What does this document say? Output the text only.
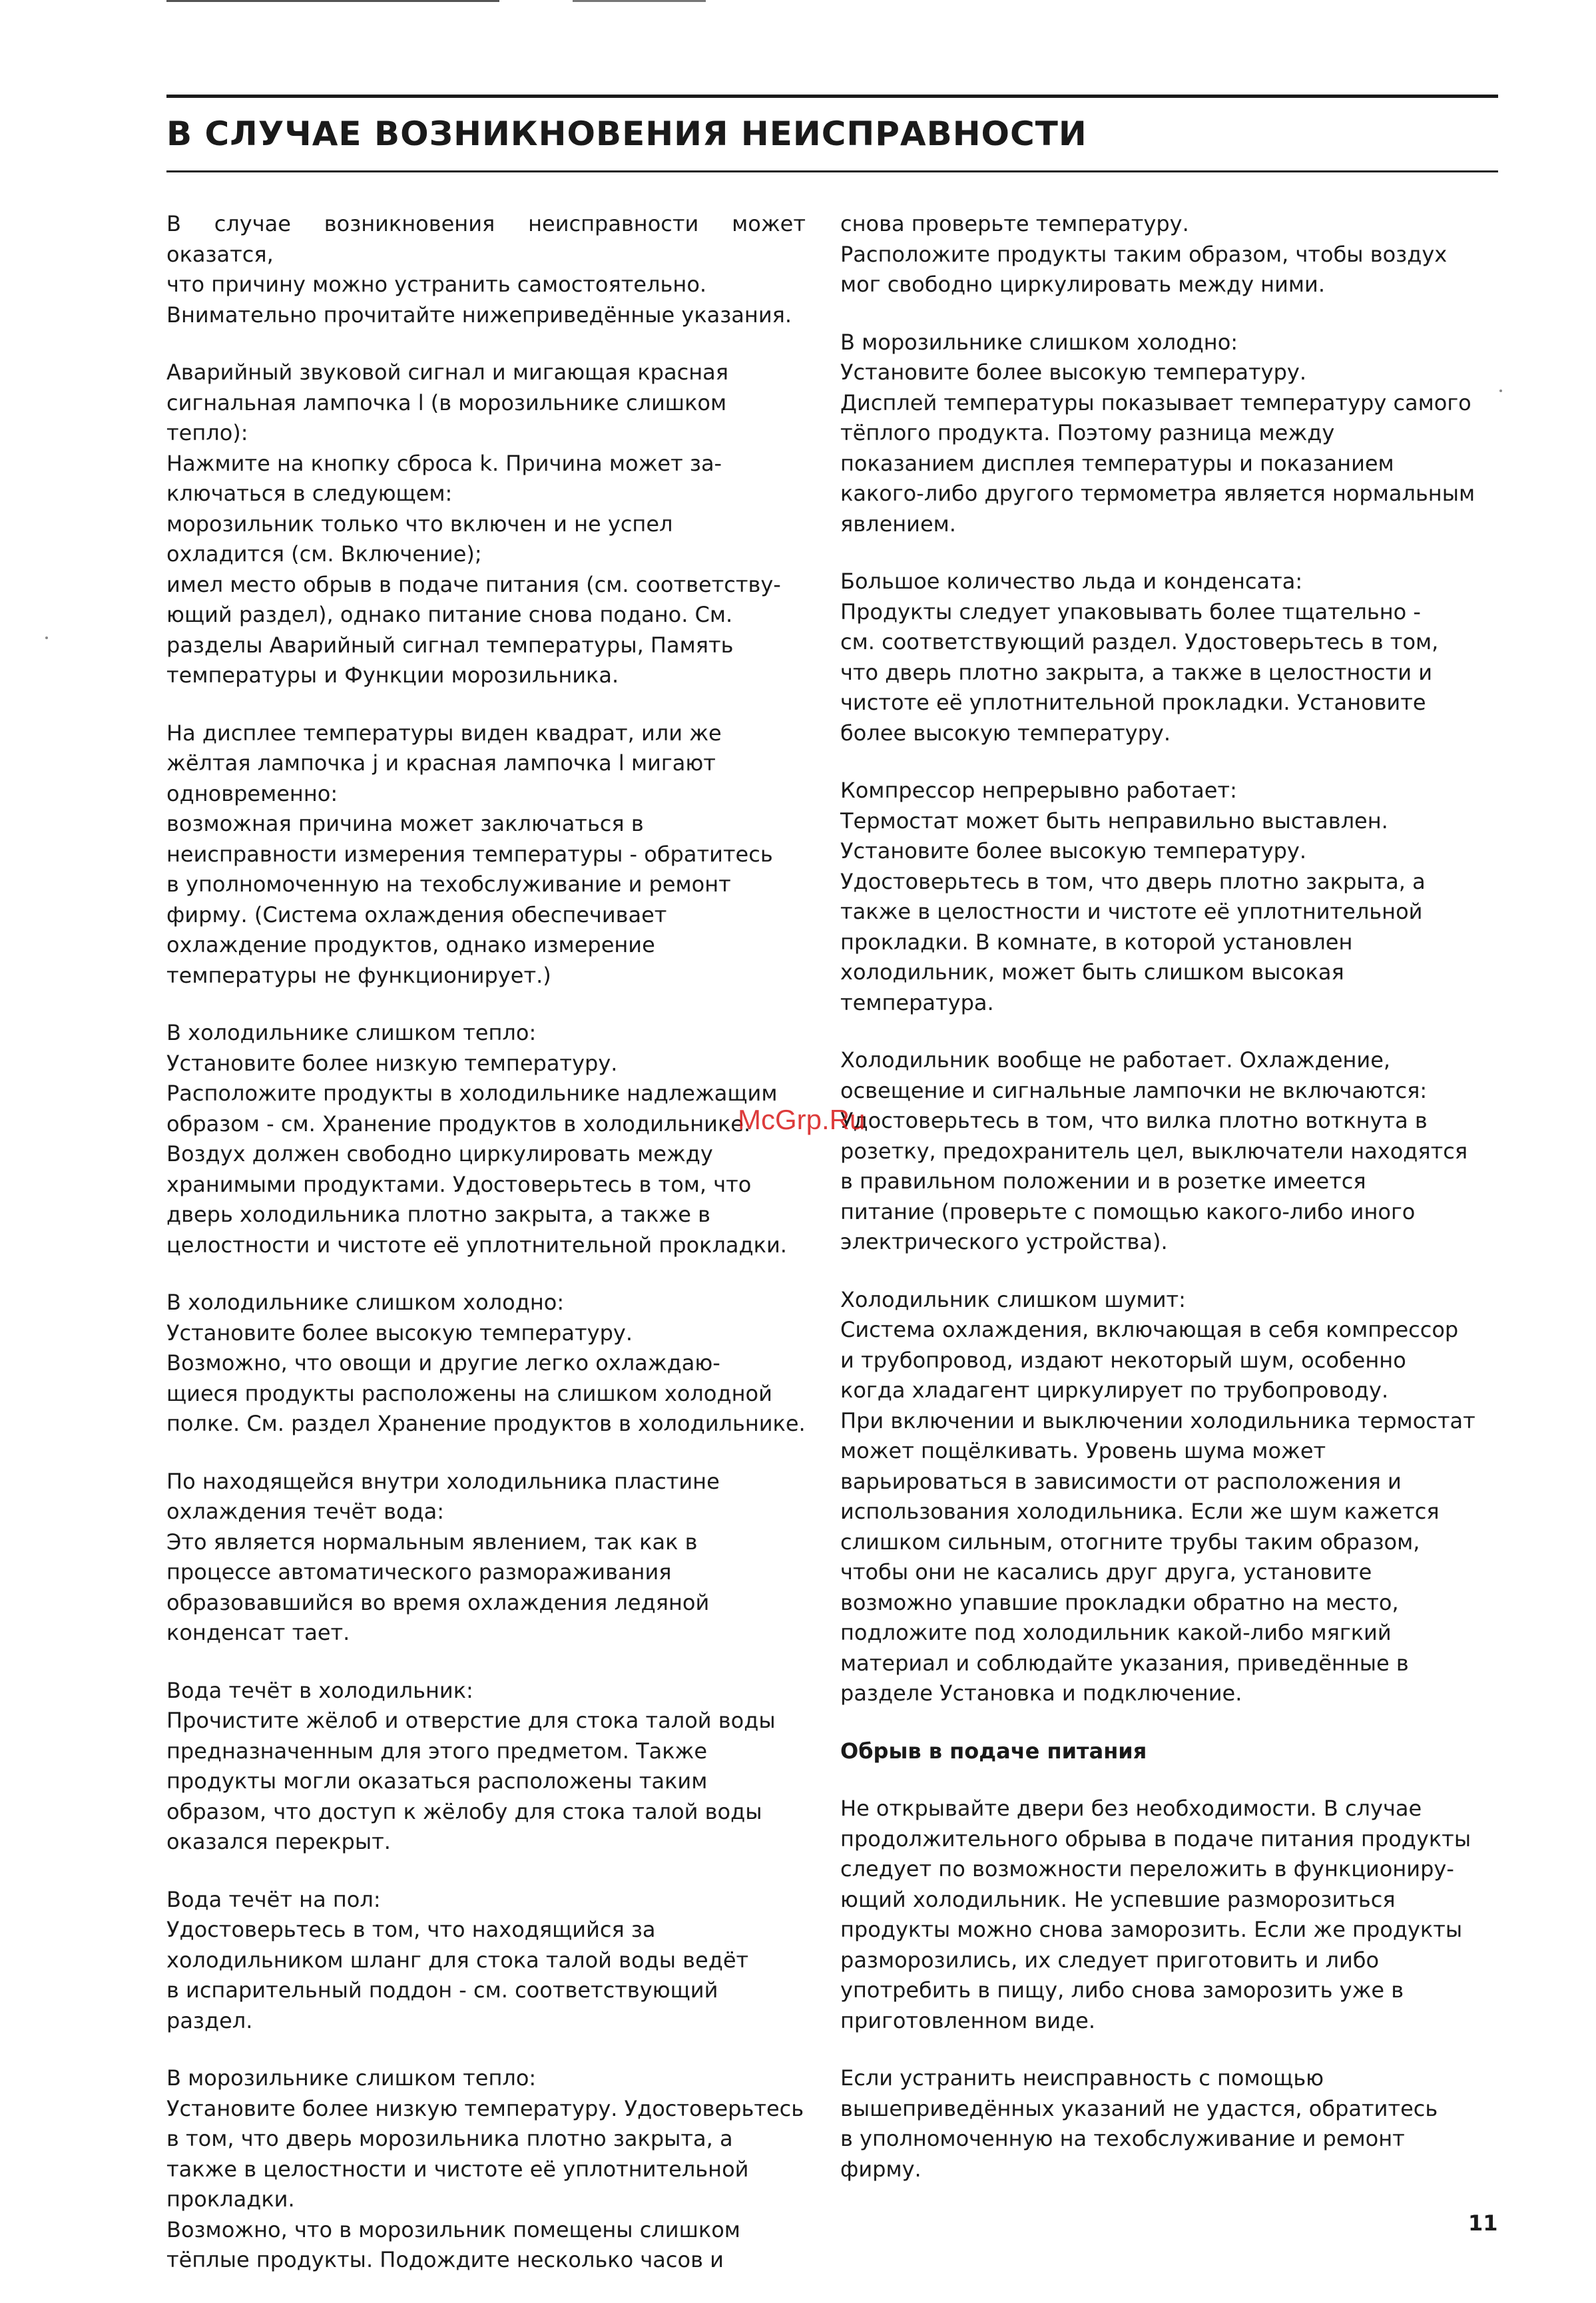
В СЛУЧАЕ ВОЗНИКНОВЕНИЯ НЕИСПРАВНОСТИ

В случае возникновения неисправности может оказатся,
что причину можно устранить самостоятельно.
Внимательно прочитайте нижеприведённые указания.

Аварийный звуковой сигнал и мигающая красная
сигнальная лампочка l (в морозильнике слишком
тепло):
Нажмите на кнопку сброса k. Причина может за-
ключаться в следующем:
морозильник только что включен и не успел
охладится (см. Включение);
имел место обрыв в подаче питания (см. соответству-
ющий раздел), однако питание снова подано. См.
разделы Аварийный сигнал температуры, Память
температуры и Функции морозильника.

На дисплее температуры виден квадрат, или же
жёлтая лампочка j и красная лампочка l мигают
одновременно:
возможная причина может заключаться в
неисправности измерения температуры - обратитесь
в уполномоченную на техобслуживание и ремонт
фирму. (Система охлаждения обеспечивает
охлаждение продуктов, однако измерение
температуры не функционирует.)

В холодильнике слишком тепло:
Установите более низкую температуру.
Расположите продукты в холодильнике надлежащим
образом - см. Хранение продуктов в холодильнике.
Воздух должен свободно циркулировать между
хранимыми продуктами. Удостоверьтесь в том, что
дверь холодильника плотно закрыта, а также в
целостности и чистоте её уплотнительной прокладки.

В холодильнике слишком холодно:
Установите более высокую температуру.
Возможно, что овощи и другие легко охлаждаю-
щиеся продукты расположены на слишком холодной
полке. См. раздел Хранение продуктов в холодильнике.

По находящейся внутри холодильника пластине
охлаждения течёт вода:
Это является нормальным явлением, так как в
процессе автоматического размораживания
образовавшийся во время охлаждения ледяной
конденсат тает.

Вода течёт в холодильник:
Прочистите жёлоб и отверстие для стока талой воды
предназначенным для этого предметом. Также
продукты могли оказаться расположены таким
образом, что доступ к жёлобу для стока талой воды
оказался перекрыт.

Вода течёт на пол:
Удостоверьтесь в том, что находящийся за
холодильником шланг для стока талой воды ведёт
в испарительный поддон - см. соответствующий
раздел.

В морозильнике слишком тепло:
Установите более низкую температуру. Удостоверьтесь
в том, что дверь морозильника плотно закрыта, а
также в целостности и чистоте её уплотнительной
прокладки.
Возможно, что в морозильник помещены слишком
тёплые продукты. Подождите несколько часов и

снова проверьте температуру.
Расположите продукты таким образом, чтобы воздух
мог свободно циркулировать между ними.

В морозильнике слишком холодно:
Установите более высокую температуру.
Дисплей температуры показывает температуру самого
тёплого продукта. Поэтому разница между
показанием дисплея температуры и показанием
какого-либо другого термометра является нормальным
явлением.

Большое количество льда и конденсата:
Продукты следует упаковывать более тщательно -
см. соответствующий раздел. Удостоверьтесь в том,
что дверь плотно закрыта, а также в целостности и
чистоте её уплотнительной прокладки. Установите
более высокую температуру.

Компрессор непрерывно работает:
Термостат может быть неправильно выставлен.
Установите более высокую температуру.
Удостоверьтесь в том, что дверь плотно закрыта, а
также в целостности и чистоте её уплотнительной
прокладки. В комнате, в которой установлен
холодильник, может быть слишком высокая
температура.

Холодильник вообще не работает. Охлаждение,
освещение и сигнальные лампочки не включаются:
Удостоверьтесь в том, что вилка плотно воткнута в
розетку, предохранитель цел, выключатели находятся
в правильном положении и в розетке имеется
питание (проверьте с помощью какого-либо иного
электрического устройства).

Холодильник слишком шумит:
Система охлаждения, включающая в себя компрессор
и трубопровод, издают некоторый шум, особенно
когда хладагент циркулирует по трубопроводу.
При включении и выключении холодильника термостат
может пощёлкивать. Уровень шума может
варьироваться в зависимости от расположения и
использования холодильника. Если же шум кажется
слишком сильным, отогните трубы таким образом,
чтобы они не касались друг друга, установите
возможно упавшие прокладки обратно на место,
подложите под холодильник какой-либо мягкий
материал и соблюдайте указания, приведённые в
разделе Установка и подключение.

Обрыв в подаче питания

Не открывайте двери без необходимости. В случае
продолжительного обрыва в подаче питания продукты
следует по возможности переложить в функциониру-
ющий холодильник. Не успевшие разморозиться
продукты можно снова заморозить. Если же продукты
разморозились, их следует приготовить и либо
употребить в пищу, либо снова заморозить уже в
приготовленном виде.

Если устранить неисправность с помощью
вышеприведённых указаний не удастся, обратитесь
в уполномоченную на техобслуживание и ремонт
фирму.

McGrp.Ru

11
